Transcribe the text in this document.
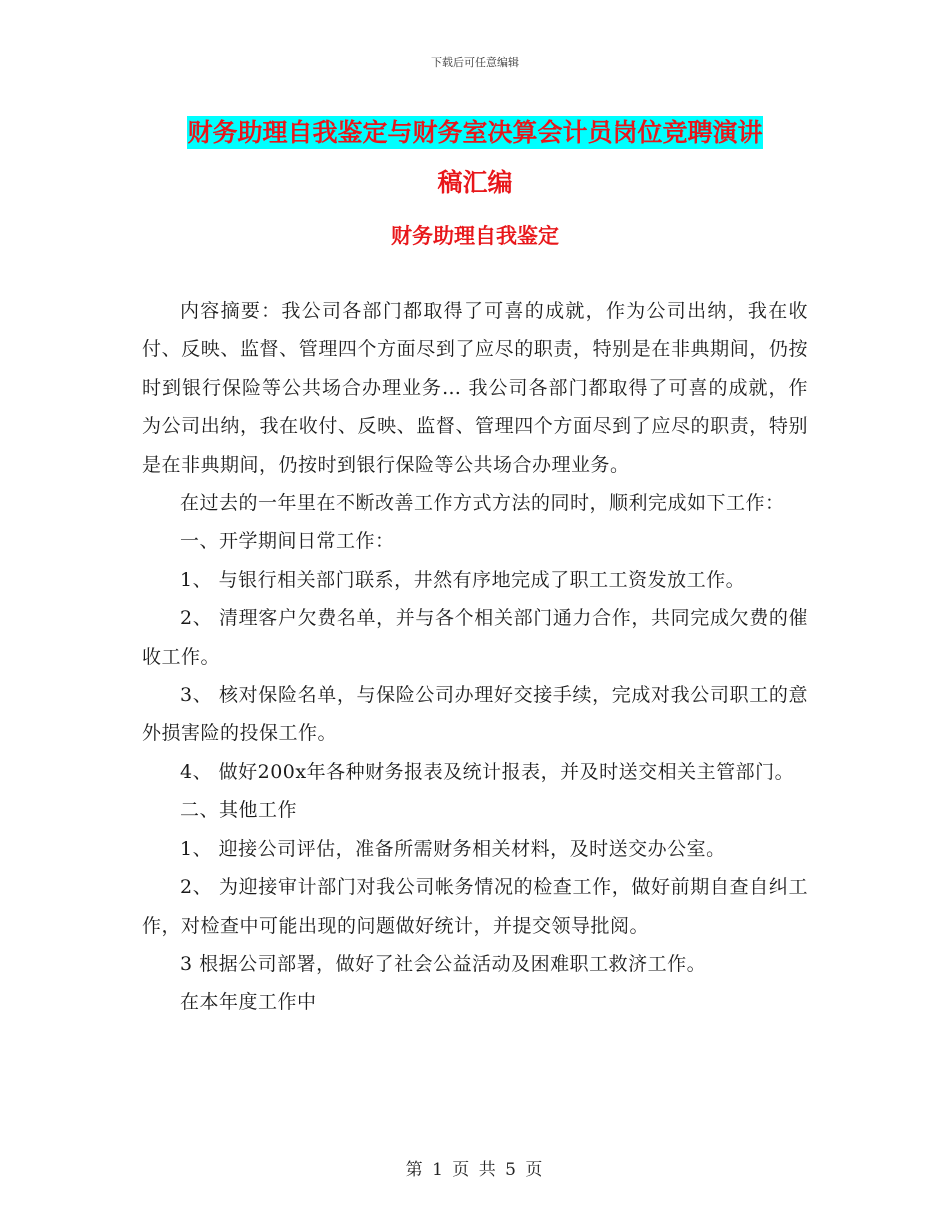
下载后可任意编辑
财务助理自我鉴定与财务室决算会计员岗位竞聘演讲
稿汇编
财务助理自我鉴定

内容摘要：我公司各部门都取得了可喜的成就，作为公司出纳，我在收付、反映、监督、管理四个方面尽到了应尽的职责，特别是在非典期间，仍按时到银行保险等公共场合办理业务… 我公司各部门都取得了可喜的成就，作为公司出纳，我在收付、反映、监督、管理四个方面尽到了应尽的职责，特别是在非典期间，仍按时到银行保险等公共场合办理业务。

在过去的一年里在不断改善工作方式方法的同时，顺利完成如下工作：

一、开学期间日常工作：

1、 与银行相关部门联系，井然有序地完成了职工工资发放工作。

2、 清理客户欠费名单，并与各个相关部门通力合作，共同完成欠费的催收工作。

3、 核对保险名单，与保险公司办理好交接手续，完成对我公司职工的意外损害险的投保工作。

4、 做好200x年各种财务报表及统计报表，并及时送交相关主管部门。

二、其他工作

1、 迎接公司评估，准备所需财务相关材料，及时送交办公室。

2、 为迎接审计部门对我公司帐务情况的检查工作，做好前期自查自纠工作，对检查中可能出现的问题做好统计，并提交领导批阅。

3 根据公司部署，做好了社会公益活动及困难职工救济工作。

在本年度工作中

第 1 页 共 5 页
